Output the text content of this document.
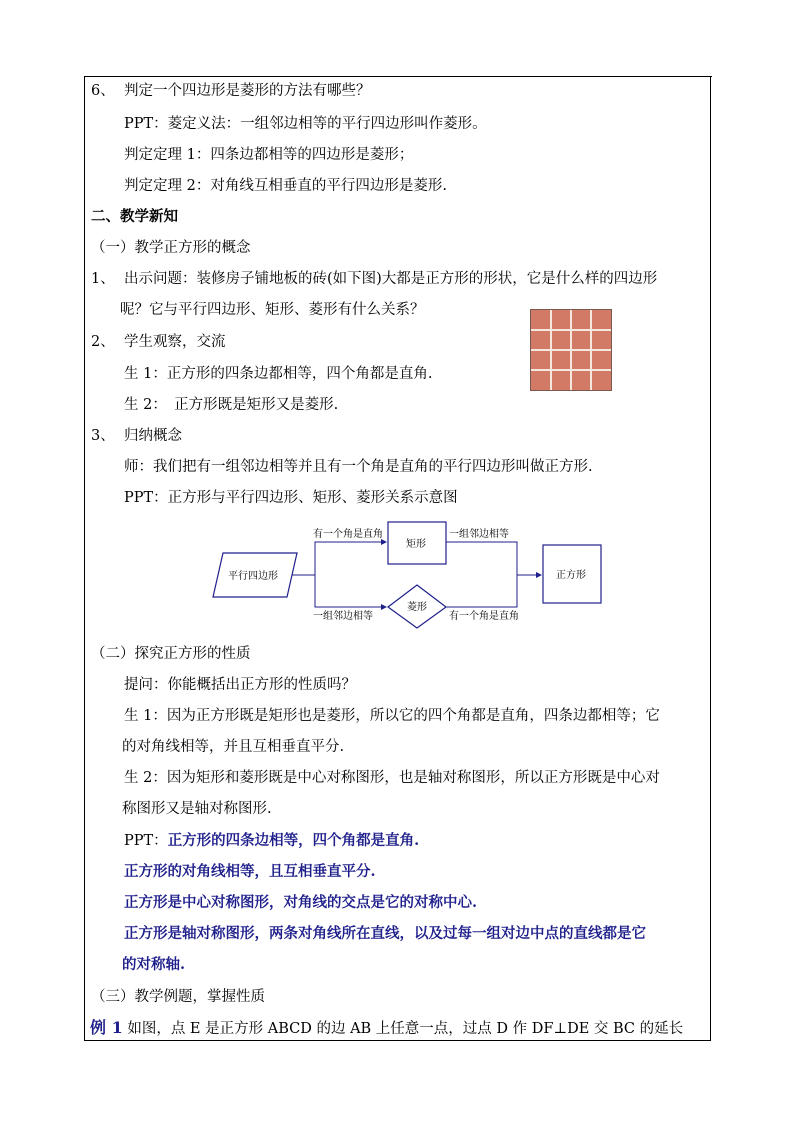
6、 判定一个四边形是菱形的方法有哪些？
PPT：菱定义法：一组邻边相等的平行四边形叫作菱形。
判定定理 1：四条边都相等的四边形是菱形；
判定定理 2：对角线互相垂直的平行四边形是菱形.
二、教学新知
（一）教学正方形的概念
1、 出示问题：装修房子铺地板的砖(如下图)大都是正方形的形状，它是什么样的四边形
呢？它与平行四边形、矩形、菱形有什么关系？
2、 学生观察，交流
生 1：正方形的四条边都相等，四个角都是直角.
生 2：　正方形既是矩形又是菱形.
3、 归纳概念
师：我们把有一组邻边相等并且有一个角是直角的平行四边形叫做正方形.
PPT：正方形与平行四边形、矩形、菱形关系示意图
平行四边形
矩形
菱形
正方形
有一个角是直角	一组邻边相等
一组邻边相等	有一个角是直角
（二）探究正方形的性质
提问：你能概括出正方形的性质吗？
生 1：因为正方形既是矩形也是菱形，所以它的四个角都是直角，四条边都相等；它
的对角线相等，并且互相垂直平分.
生 2：因为矩形和菱形既是中心对称图形，也是轴对称图形，所以正方形既是中心对
称图形又是轴对称图形.
PPT：正方形的四条边相等，四个角都是直角.
正方形的对角线相等，且互相垂直平分.
正方形是中心对称图形，对角线的交点是它的对称中心.
正方形是轴对称图形，两条对角线所在直线，以及过每一组对边中点的直线都是它
的对称轴.
（三）教学例题，掌握性质
例 1 如图，点 E 是正方形 ABCD 的边 AB 上任意一点，过点 D 作 DF⊥DE 交 BC 的延长
